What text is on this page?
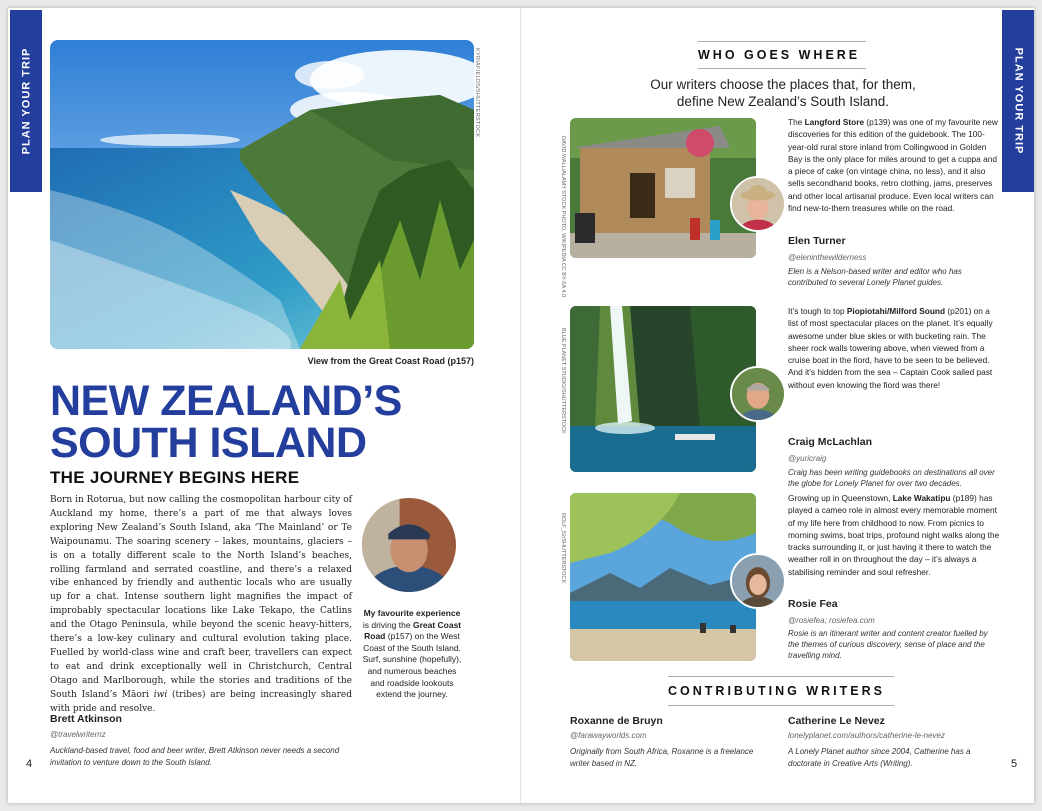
PLAN YOUR TRIP	KYRIAFIELDS/SHUTTERSTOCK
View from the Great Coast Road (p157)
NEW ZEALAND’S
SOUTH ISLAND
THE JOURNEY BEGINS HERE
Born in Rotorua, but now calling the cosmopolitan harbour city of Auckland my home, there’s a part of me that always loves exploring New Zealand’s South Island, aka ‘The Mainland’ or Te Waipounamu. The soaring scenery – lakes, mountains, glaciers – is on a totally different scale to the North Island’s beaches, rolling farmland and serrated coastline, and there’s a relaxed vibe enhanced by friendly and authentic locals who are usually up for a chat. Intense southern light magnifies the impact of improbably spectacular locations like Lake Tekapo, the Catlins and the Otago Peninsula, while beyond the scenic heavy-hitters, there’s a low-key culinary and cultural evolution taking place. Fuelled by world-class wine and craft beer, travellers can expect to eat and drink exceptionally well in Christchurch, Central Otago and Marlborough, while the stories and traditions of the South Island’s Māori iwi (tribes) are being increasingly shared with pride and resolve.
Brett Atkinson
@travelwriternz
Auckland-based travel, food and beer writer, Brett Atkinson never needs a second invitation to venture down to the South Island.
My favourite experience is driving the Great Coast Road (p157) on the West Coast of the South Island. Surf, sunshine (hopefully), and numerous beaches and roadside lookouts extend the journey.
4
PLAN YOUR TRIP
WHO GOES WHERE
Our writers choose the places that, for them, define New Zealand’s South Island.
DAVID WALL/ALAMY STOCK PHOTO, WIKIPEDIA CC BY-SA 4.0
The Langford Store (p139) was one of my favourite new discoveries for this edition of the guidebook. The 100-year-old rural store inland from Collingwood in Golden Bay is the only place for miles around to get a cuppa and a piece of cake (on vintage china, no less), and it also sells secondhand books, retro clothing, jams, preserves and other local artisanal produce. Even local writers can find new-to-them treasures while on the road.
Elen Turner
@eleninthewilderness
Elen is a Nelson-based writer and editor who has contributed to several Lonely Planet guides.
BLUE PLANET STUDIO/SHUTTERSTOCK
It’s tough to top Piopiotahi/Milford Sound (p201) on a list of most spectacular places on the planet. It’s equally awesome under blue skies or with bucketing rain. The sheer rock walls towering above, when viewed from a cruise boat in the fiord, have to be seen to be believed. And it’s hidden from the sea – Captain Cook sailed past without even knowing the fiord was there!
Craig McLachlan
@yuricraig
Craig has been writing guidebooks on destinations all over the globe for Lonely Planet for over two decades.
ROLF_52/SHUTTERSTOCK
Growing up in Queenstown, Lake Wakatipu (p189) has played a cameo role in almost every memorable moment of my life here from childhood to now. From picnics to morning swims, boat trips, profound night walks along the tracks surrounding it, or just having it there to watch the weather roll in on throughout the day – it’s always a stabilising reminder and soul refresher.
Rosie Fea
@rosiefea; rosiefea.com
Rosie is an itinerant writer and content creator fuelled by the themes of curious discovery, sense of place and the travelling mind.
CONTRIBUTING WRITERS
Roxanne de Bruyn
@farawayworlds.com
Originally from South Africa, Roxanne is a freelance writer based in NZ.
Catherine Le Nevez
lonelyplanet.com/authors/catherine-le-nevez
A Lonely Planet author since 2004, Catherine has a doctorate in Creative Arts (Writing).	5
